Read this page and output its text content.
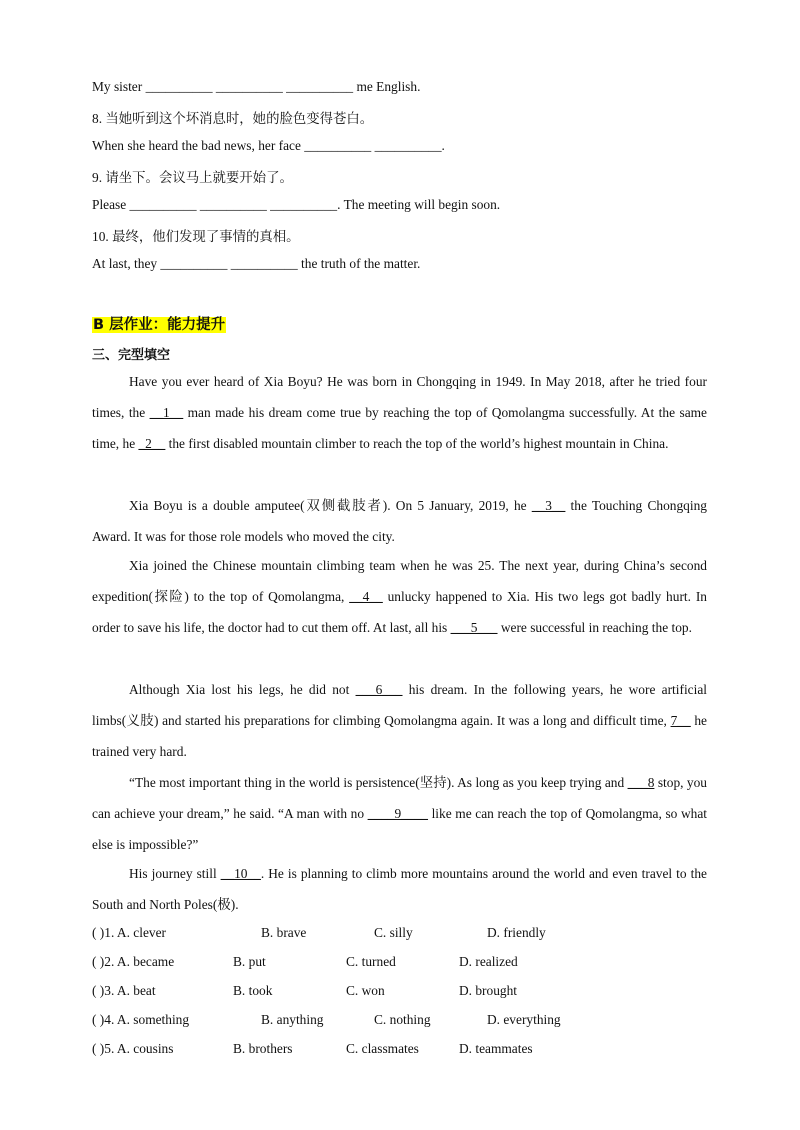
My sister __________ __________ __________ me English.
8. 当她听到这个坏消息时，她的脸色变得苍白。
When she heard the bad news, her face __________ __________.
9. 请坐下。会议马上就要开始了。
Please __________ __________ __________. The meeting will begin soon.
10. 最终，他们发现了事情的真相。
At last, they __________ __________ the truth of the matter.
B 层作业：能力提升
三、完型填空
Have you ever heard of Xia Boyu? He was born in Chongqing in 1949. In May 2018, after he tried four times, the __1__ man made his dream come true by reaching the top of Qomolangma successfully. At the same time, he _2__ the first disabled mountain climber to reach the top of the world’s highest mountain in China.
Xia Boyu is a double amputee(双侧截肢者). On 5 January, 2019, he __3__ the Touching Chongqing Award. It was for those role models who moved the city.
Xia joined the Chinese mountain climbing team when he was 25. The next year, during China’s second expedition(探险) to the top of Qomolangma, __4__ unlucky happened to Xia. His two legs got badly hurt. In order to save his life, the doctor had to cut them off. At last, all his ___5___ were successful in reaching the top.
Although Xia lost his legs, he did not ___6___ his dream. In the following years, he wore artificial limbs(义肢) and started his preparations for climbing Qomolangma again. It was a long and difficult time, 7__ he trained very hard.
“The most important thing in the world is persistence(坚持). As long as you keep trying and ___8 stop, you can achieve your dream,” he said. “A man with no ____9____ like me can reach the top of Qomolangma, so what else is impossible?”
His journey still __10__. He is planning to climb more mountains around the world and even travel to the South and North Poles(极).
( )1. A. clever	B. brave	C. silly	D. friendly
( )2. A. became	B. put	C. turned	D. realized
( )3. A. beat	B. took	C. won	D. brought
( )4. A. something	B. anything	C. nothing	D. everything
( )5. A. cousins	B. brothers	C. classmates	D. teammates
